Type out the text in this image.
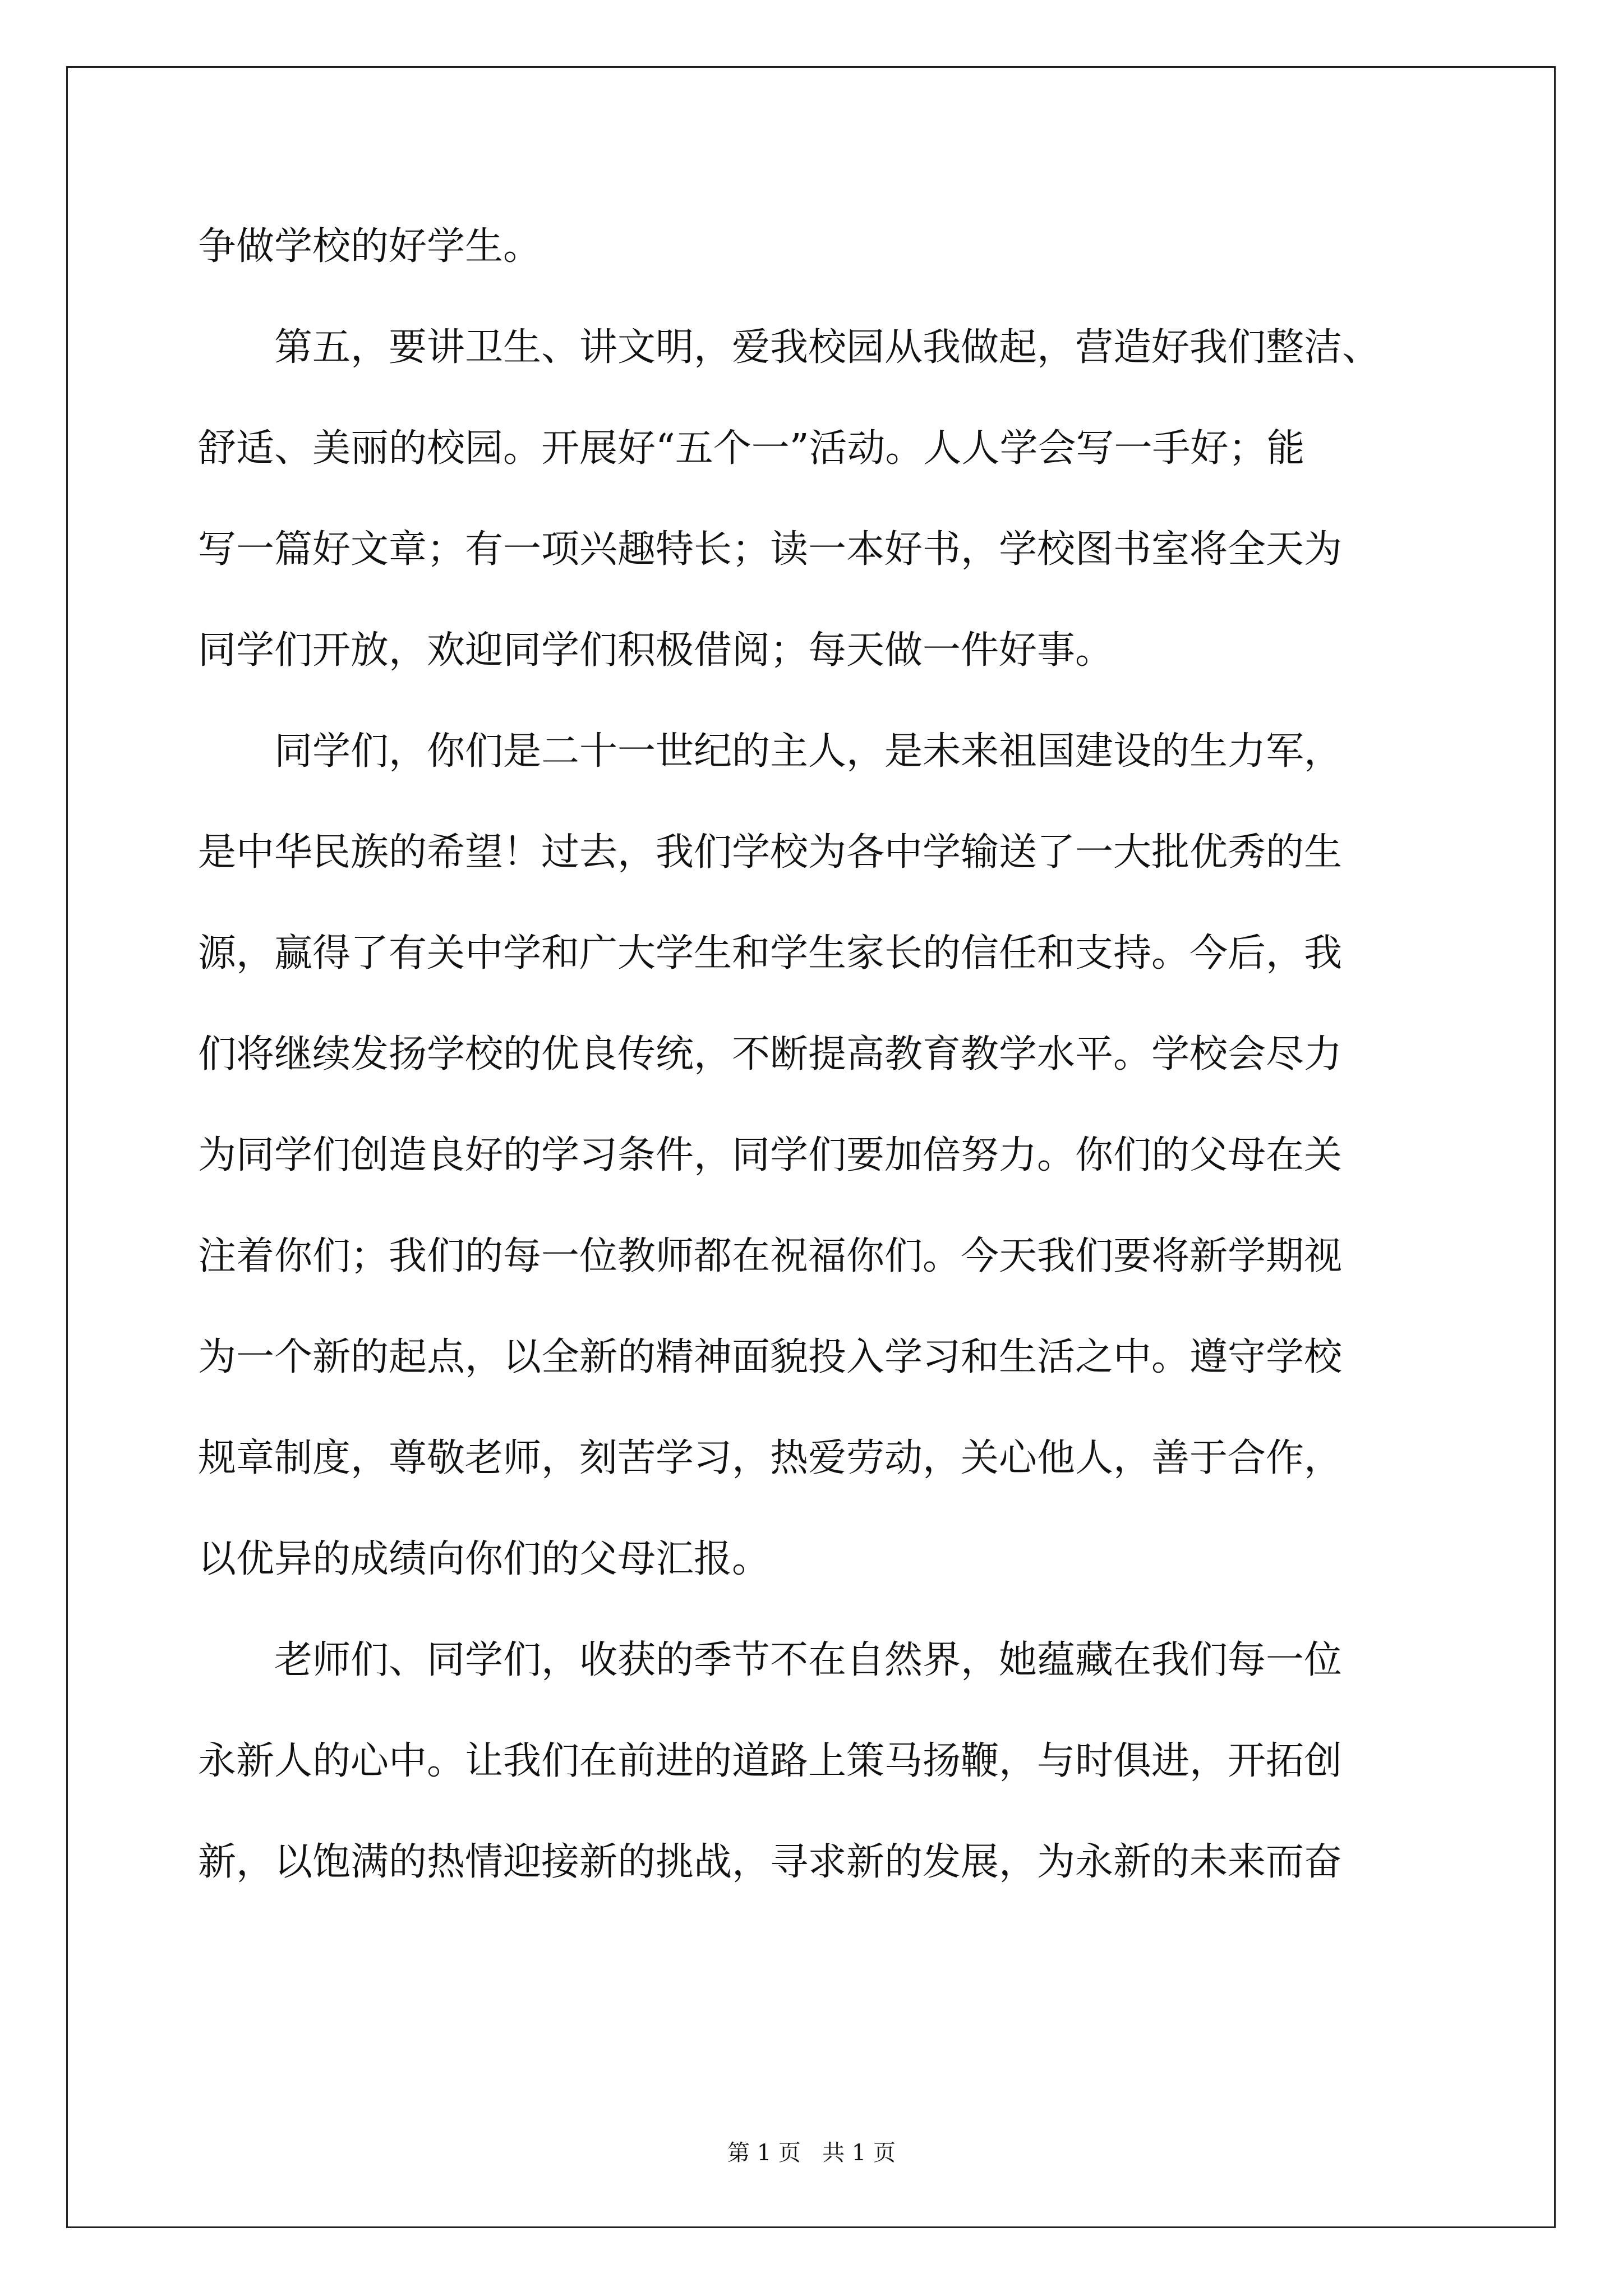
争做学校的好学生。
第五，要讲卫生、讲文明，爱我校园从我做起，营造好我们整洁、
舒适、美丽的校园。开展好“五个一”活动。人人学会写一手好；能
写一篇好文章；有一项兴趣特长；读一本好书，学校图书室将全天为
同学们开放，欢迎同学们积极借阅；每天做一件好事。
同学们，你们是二十一世纪的主人，是未来祖国建设的生力军，
是中华民族的希望！过去，我们学校为各中学输送了一大批优秀的生
源，赢得了有关中学和广大学生和学生家长的信任和支持。今后，我
们将继续发扬学校的优良传统，不断提高教育教学水平。学校会尽力
为同学们创造良好的学习条件，同学们要加倍努力。你们的父母在关
注着你们；我们的每一位教师都在祝福你们。今天我们要将新学期视
为一个新的起点，以全新的精神面貌投入学习和生活之中。遵守学校
规章制度，尊敬老师，刻苦学习，热爱劳动，关心他人，善于合作，
以优异的成绩向你们的父母汇报。
老师们、同学们，收获的季节不在自然界，她蕴藏在我们每一位
永新人的心中。让我们在前进的道路上策马扬鞭，与时俱进，开拓创
新，以饱满的热情迎接新的挑战，寻求新的发展，为永新的未来而奋
第 1 页   共 1 页
